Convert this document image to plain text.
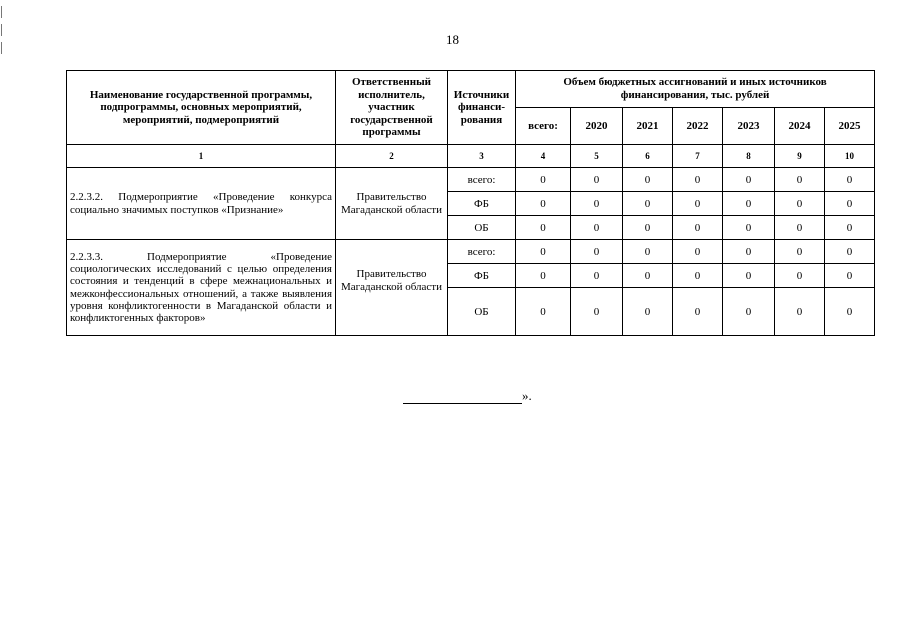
18
Наименование государственной программы, подпрограммы, основных мероприятий, мероприятий, подмероприятий	Ответственный исполнитель, участник государственной программы	Источники финанси-рования	Объем бюджетных ассигнований и иных источников финансирования, тыс. рублей						
			всего:	2020	2021	2022	2023	2024	2025
1	2	3	4	5	6	7	8	9	10
2.2.3.2. Подмероприятие «Проведение конкурса социально значимых поступков «Признание»	Правительство Магаданской области	всего:	0	0	0	0	0	0	0
		ФБ	0	0	0	0	0	0	0
		ОБ	0	0	0	0	0	0	0
2.2.3.3. Подмероприятие «Проведение социологических исследований с целью определения состояния и тенденций в сфере межнациональных и межконфессиональных отношений, а также выявления уровня конфликтогенности в Магаданской области и конфликтогенных факторов»	Правительство Магаданской области	всего:	0	0	0	0	0	0	0
		ФБ	0	0	0	0	0	0	0
		ОБ	0	0	0	0	0	0	0
».
